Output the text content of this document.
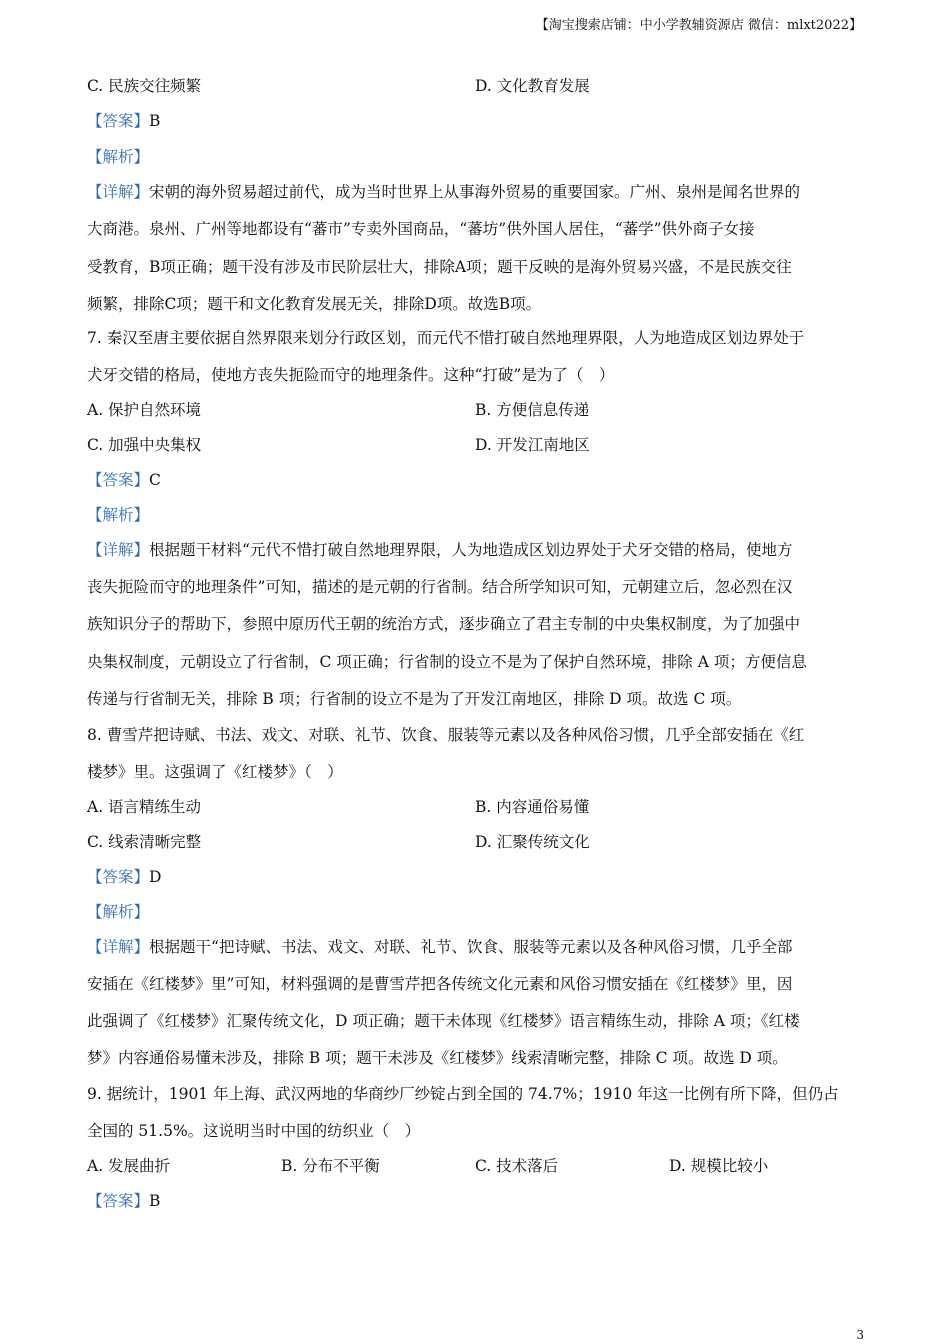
【淘宝搜索店铺：中小学教辅资源店 微信：mlxt2022】
C. 民族交往频繁	D. 文化教育发展
【答案】B
【解析】
【详解】宋朝的海外贸易超过前代，成为当时世界上从事海外贸易的重要国家。广州、泉州是闻名世界的
大商港。泉州、广州等地都设有“蕃市”专卖外国商品，“蕃坊”供外国人居住，“蕃学”供外商子女接
受教育，B项正确；题干没有涉及市民阶层壮大，排除A项；题干反映的是海外贸易兴盛，不是民族交往
频繁，排除C项；题干和文化教育发展无关，排除D项。故选B项。
7. 秦汉至唐主要依据自然界限来划分行政区划，而元代不惜打破自然地理界限，人为地造成区划边界处于
犬牙交错的格局，使地方丧失扼险而守的地理条件。这种“打破”是为了（　）
A. 保护自然环境	B. 方便信息传递
C. 加强中央集权	D. 开发江南地区
【答案】C
【解析】
【详解】根据题干材料“元代不惜打破自然地理界限，人为地造成区划边界处于犬牙交错的格局，使地方
丧失扼险而守的地理条件”可知，描述的是元朝的行省制。结合所学知识可知，元朝建立后，忽必烈在汉
族知识分子的帮助下，参照中原历代王朝的统治方式，逐步确立了君主专制的中央集权制度，为了加强中
央集权制度，元朝设立了行省制，C 项正确；行省制的设立不是为了保护自然环境，排除 A 项；方便信息
传递与行省制无关，排除 B 项；行省制的设立不是为了开发江南地区，排除 D 项。故选 C 项。
8. 曹雪芹把诗赋、书法、戏文、对联、礼节、饮食、服装等元素以及各种风俗习惯，几乎全部安插在《红
楼梦》里。这强调了《红楼梦》（　）
A. 语言精练生动	B. 内容通俗易懂
C. 线索清晰完整	D. 汇聚传统文化
【答案】D
【解析】
【详解】根据题干“把诗赋、书法、戏文、对联、礼节、饮食、服装等元素以及各种风俗习惯，几乎全部
安插在《红楼梦》里”可知，材料强调的是曹雪芹把各传统文化元素和风俗习惯安插在《红楼梦》里，因
此强调了《红楼梦》汇聚传统文化，D 项正确；题干未体现《红楼梦》语言精练生动，排除 A 项；《红楼
梦》内容通俗易懂未涉及，排除 B 项；题干未涉及《红楼梦》线索清晰完整，排除 C 项。故选 D 项。
9. 据统计，1901 年上海、武汉两地的华商纱厂纱锭占到全国的 74.7%；1910 年这一比例有所下降，但仍占
全国的 51.5%。这说明当时中国的纺织业（　）
A. 发展曲折	B. 分布不平衡	C. 技术落后	D. 规模比较小
【答案】B
3
